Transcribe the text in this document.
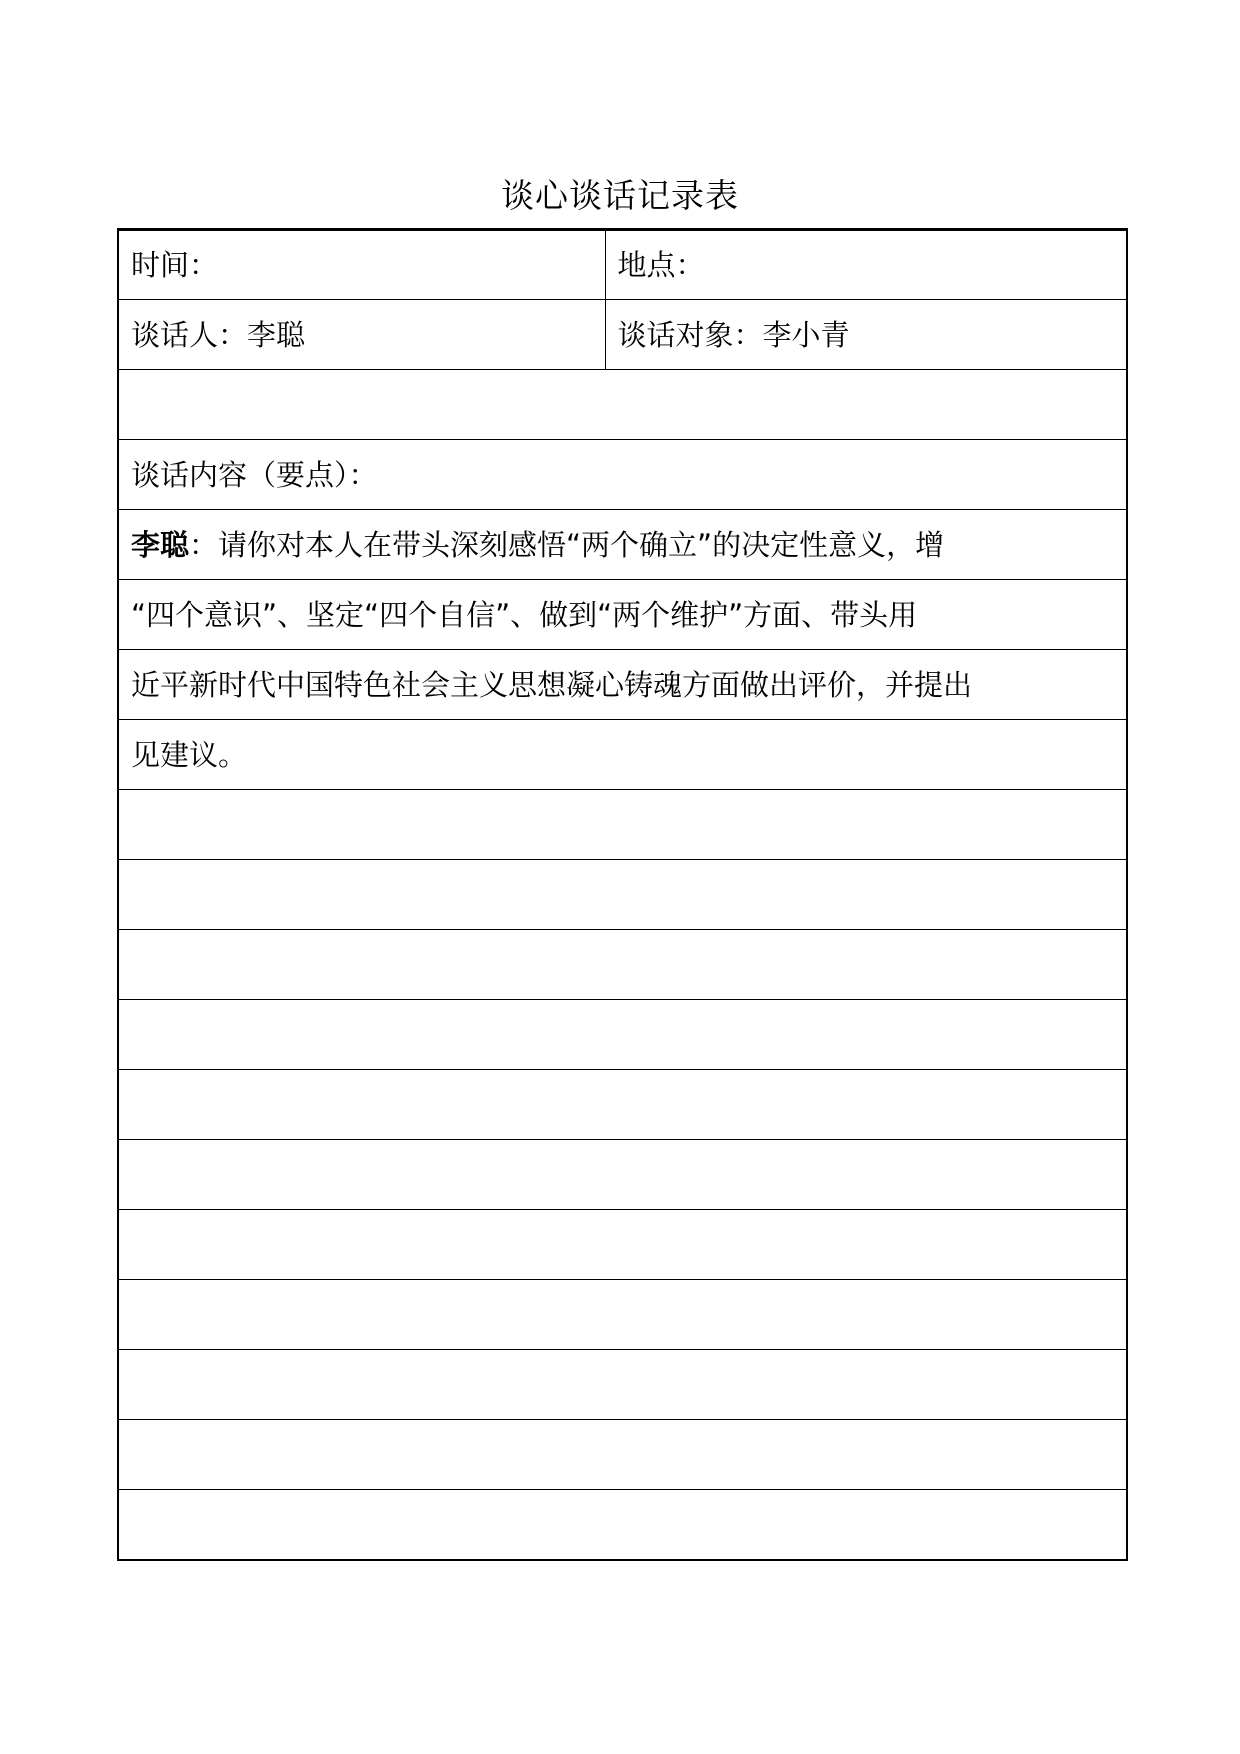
谈心谈话记录表
时间：	地点：
谈话人：李聪	谈话对象：李小青

谈话内容（要点）：	
李聪：请你对本人在带头深刻感悟“两个确立”的决定性意义，增	
“四个意识”、坚定“四个自信”、做到“两个维护”方面、带头用	
近平新时代中国特色社会主义思想凝心铸魂方面做出评价，并提出	
见建议。	
